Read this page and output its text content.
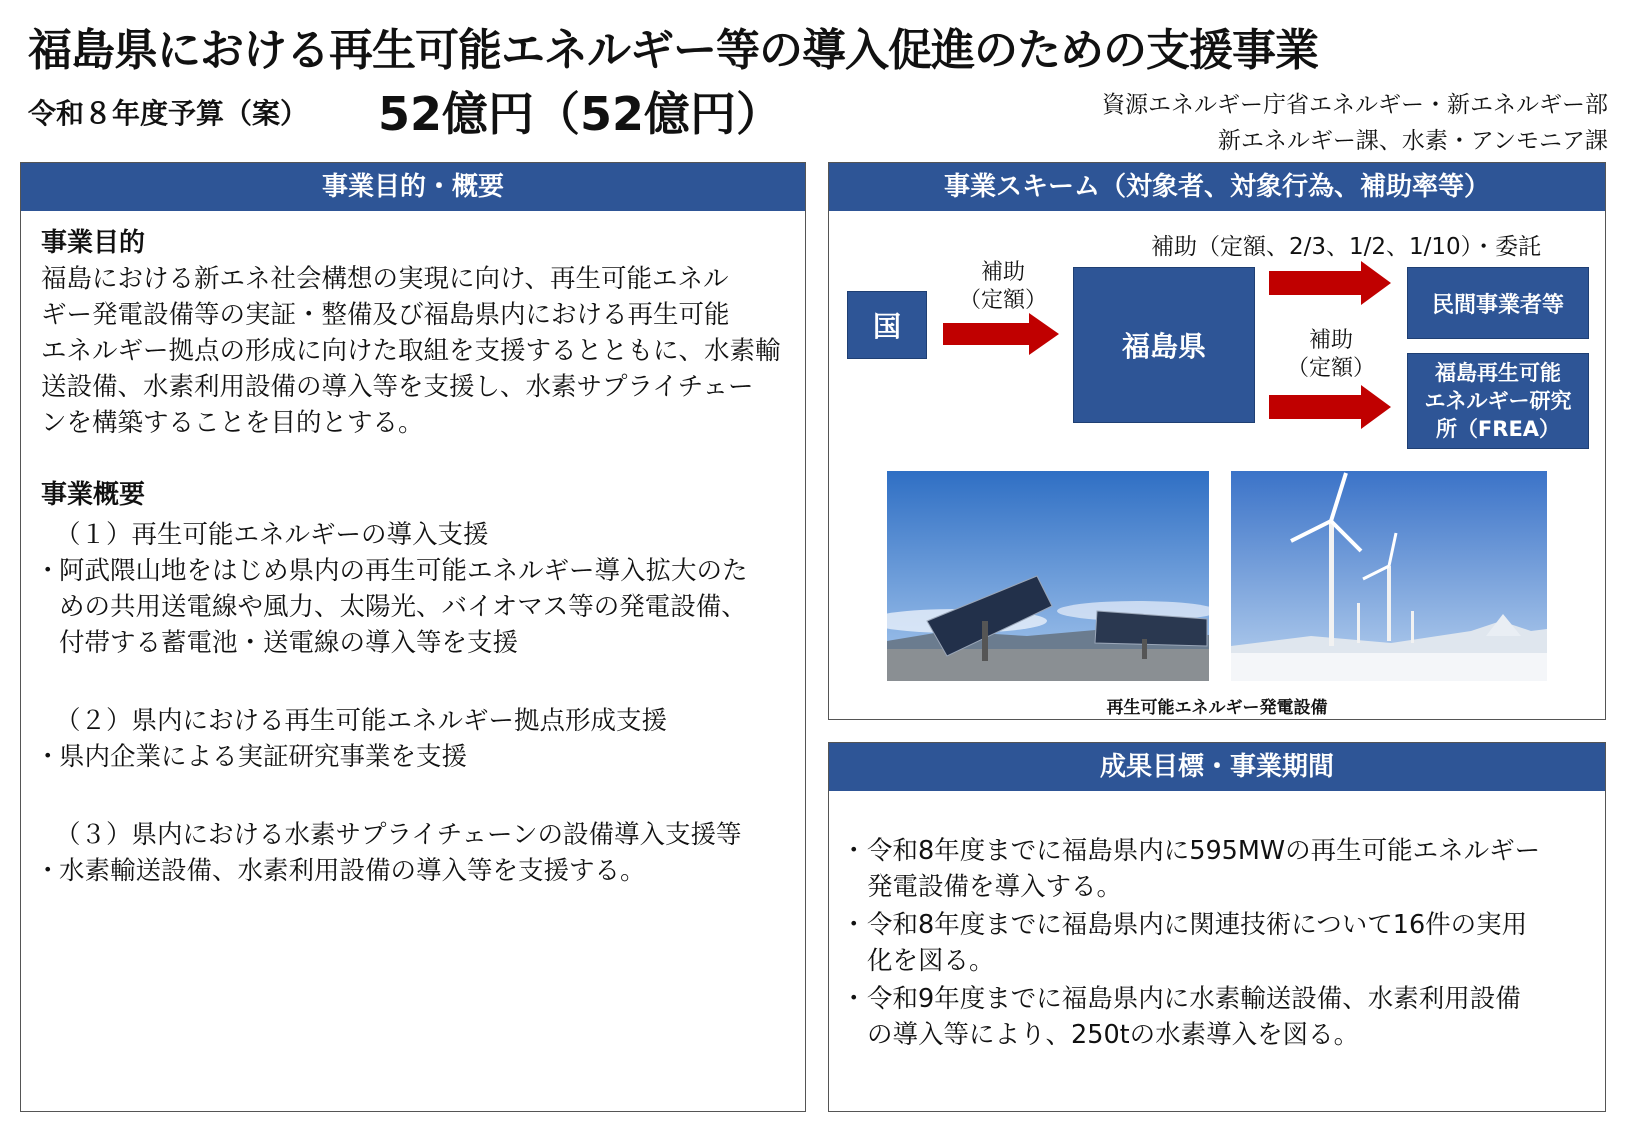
福島県における再生可能エネルギー等の導入促進のための支援事業
令和８年度予算（案） 52億円（52億円）	資源エネルギー庁省エネルギー・新エネルギー部
新エネルギー課、水素・アンモニア課
事業目的・概要
事業目的
福島における新エネ社会構想の実現に向け、再生可能エネル
ギー発電設備等の実証・整備及び福島県内における再生可能
エネルギー拠点の形成に向けた取組を支援するとともに、水素輸
送設備、水素利用設備の導入等を支援し、水素サプライチェー
ンを構築することを目的とする。
事業概要
（１）再生可能エネルギーの導入支援
・ 阿武隈山地をはじめ県内の再生可能エネルギー導入拡大のた
めの共用送電線や風力、太陽光、バイオマス等の発電設備、
付帯する蓄電池・送電線の導入等を支援
（２）県内における再生可能エネルギー拠点形成支援
・ 県内企業による実証研究事業を支援
（３）県内における水素サプライチェーンの設備導入支援等
・ 水素輸送設備、水素利用設備の導入等を支援する。
事業スキーム（対象者、対象行為、補助率等）
補助（定額、2/3、1/2、1/10）・委託
国
補助
（定額）
福島県
民間事業者等
補助
（定額）	福島再生可能
エネルギー研究
所（FREA）
再生可能エネルギー発電設備
成果目標・事業期間
・ 令和8年度までに福島県内に595MWの再生可能エネルギー
発電設備を導入する。
・ 令和8年度までに福島県内に関連技術について16件の実用
化を図る。
・ 令和9年度までに福島県内に水素輸送設備、水素利用設備
の導入等により、250tの水素導入を図る。
